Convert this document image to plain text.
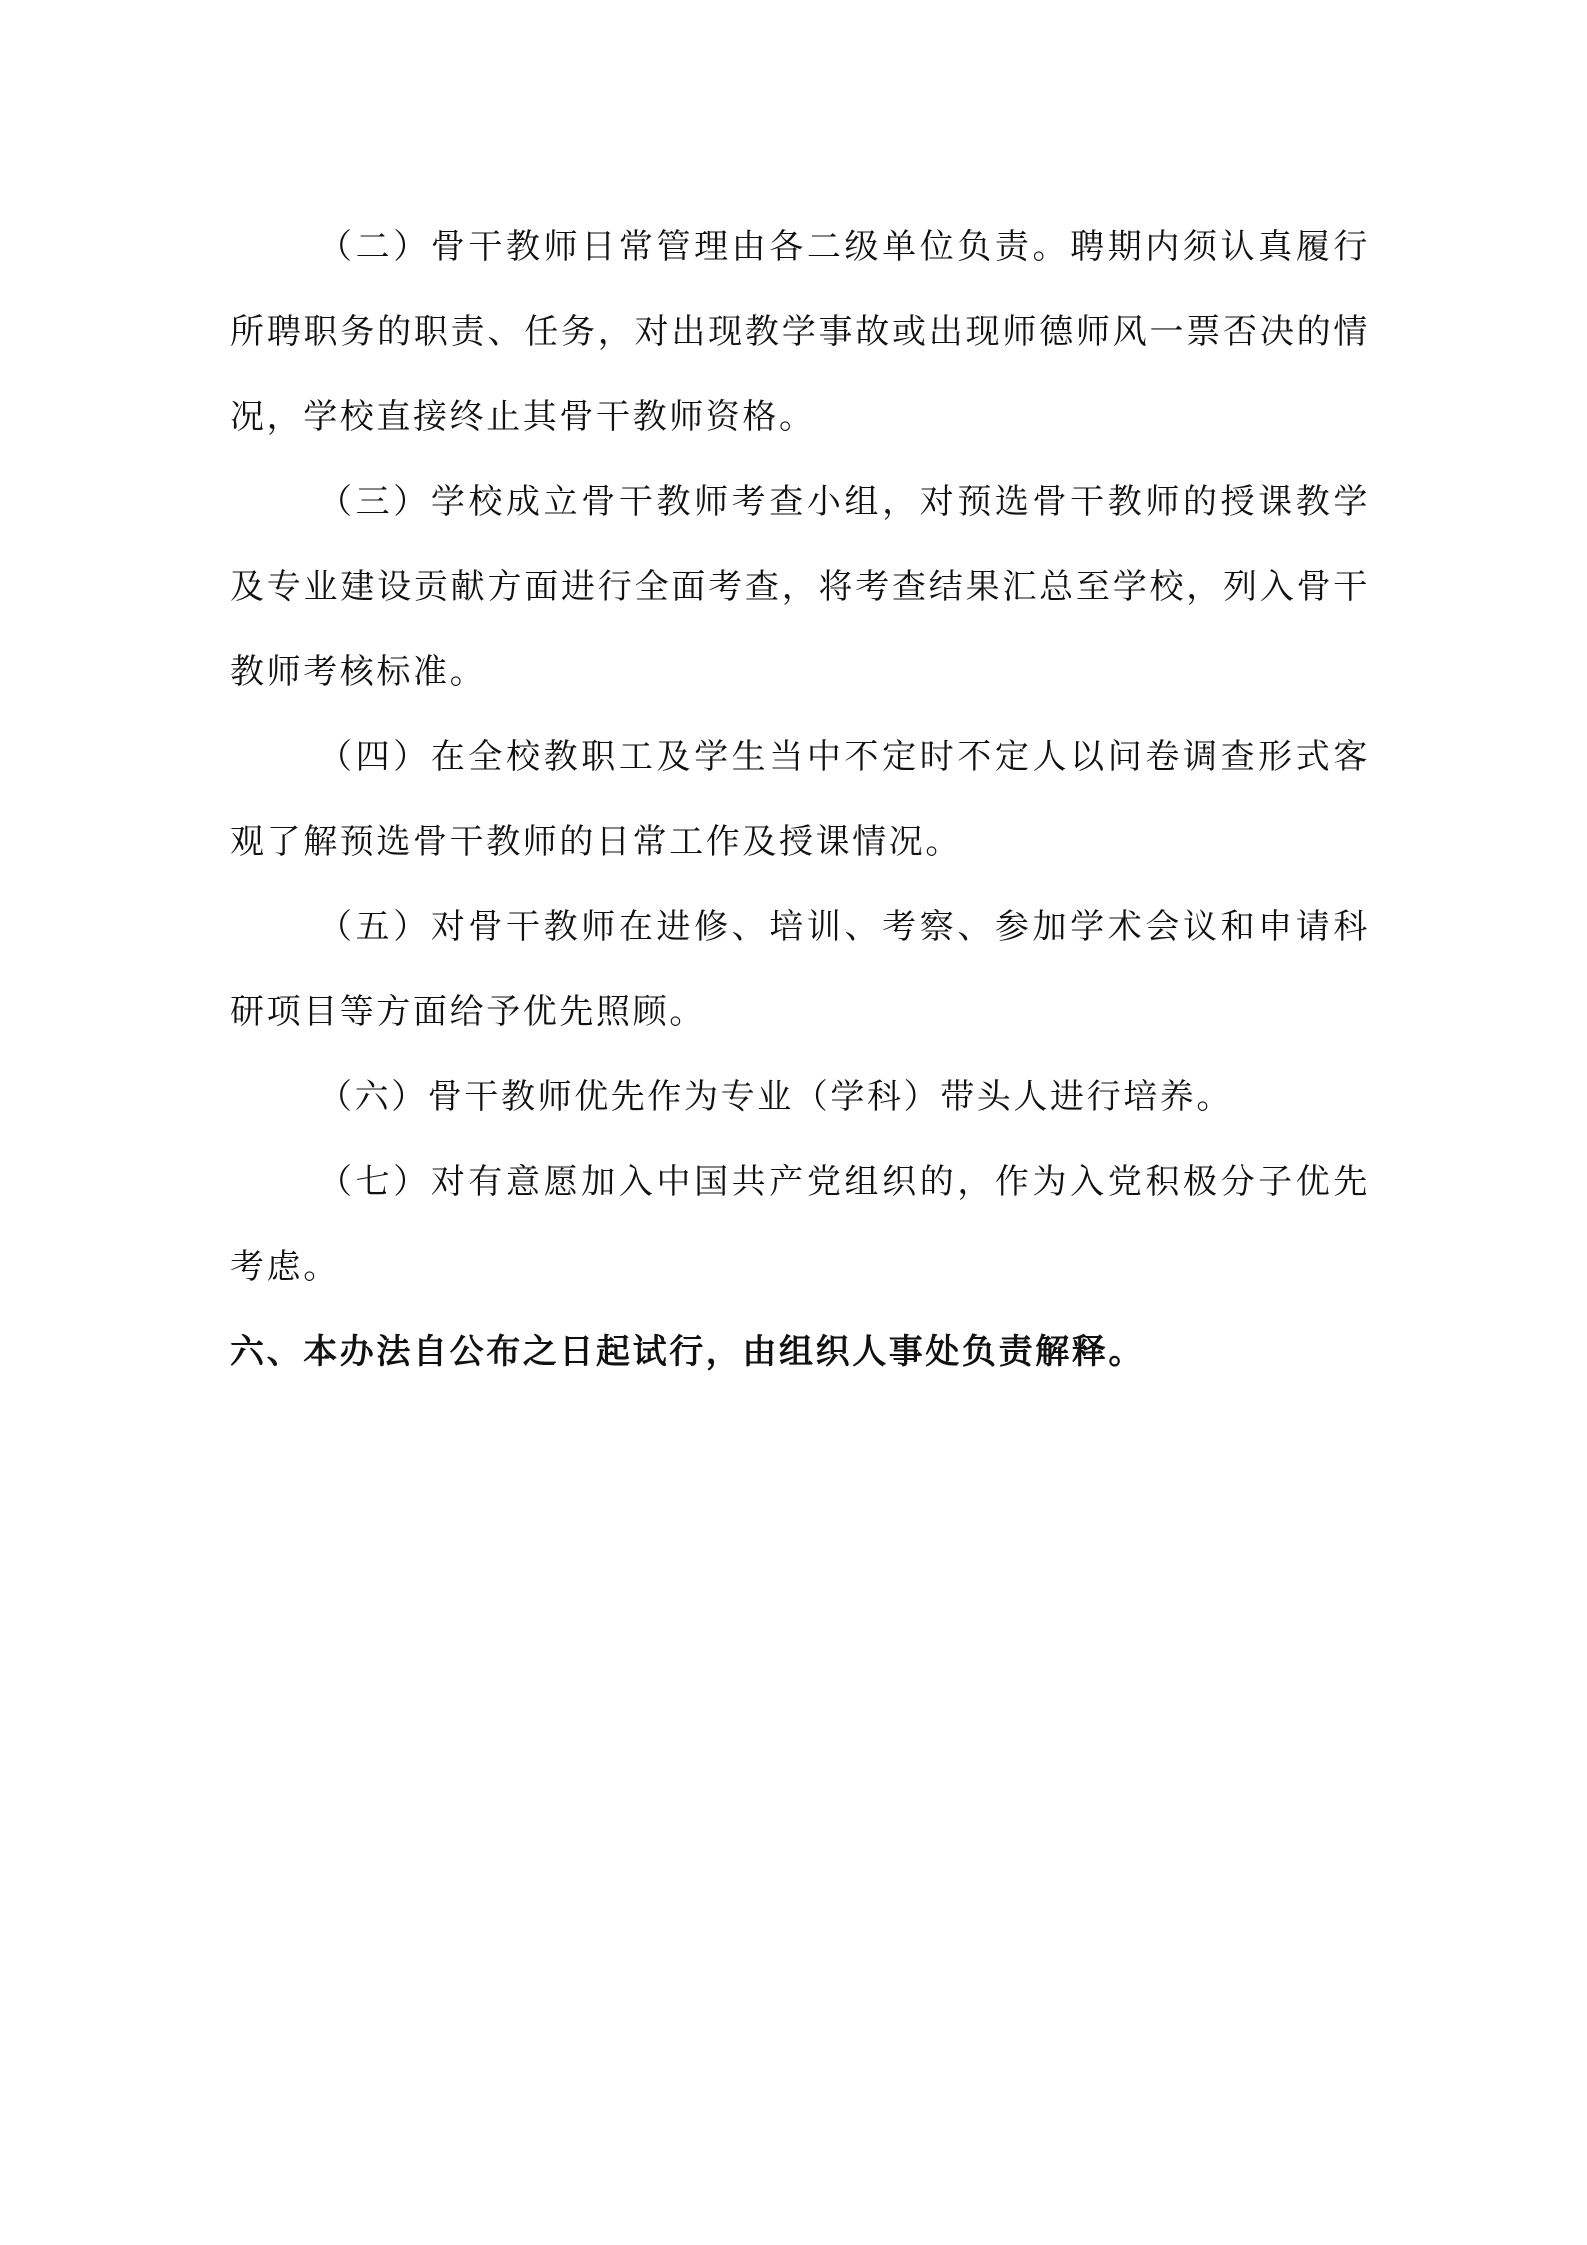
（二）骨干教师日常管理由各二级单位负责。聘期内须认真履行所聘职务的职责、任务，对出现教学事故或出现师德师风一票否决的情况，学校直接终止其骨干教师资格。

（三）学校成立骨干教师考查小组，对预选骨干教师的授课教学及专业建设贡献方面进行全面考查，将考查结果汇总至学校，列入骨干教师考核标准。

（四）在全校教职工及学生当中不定时不定人以问卷调查形式客观了解预选骨干教师的日常工作及授课情况。

（五）对骨干教师在进修、培训、考察、参加学术会议和申请科研项目等方面给予优先照顾。

（六）骨干教师优先作为专业（学科）带头人进行培养。

（七）对有意愿加入中国共产党组织的，作为入党积极分子优先考虑。

六、本办法自公布之日起试行，由组织人事处负责解释。
